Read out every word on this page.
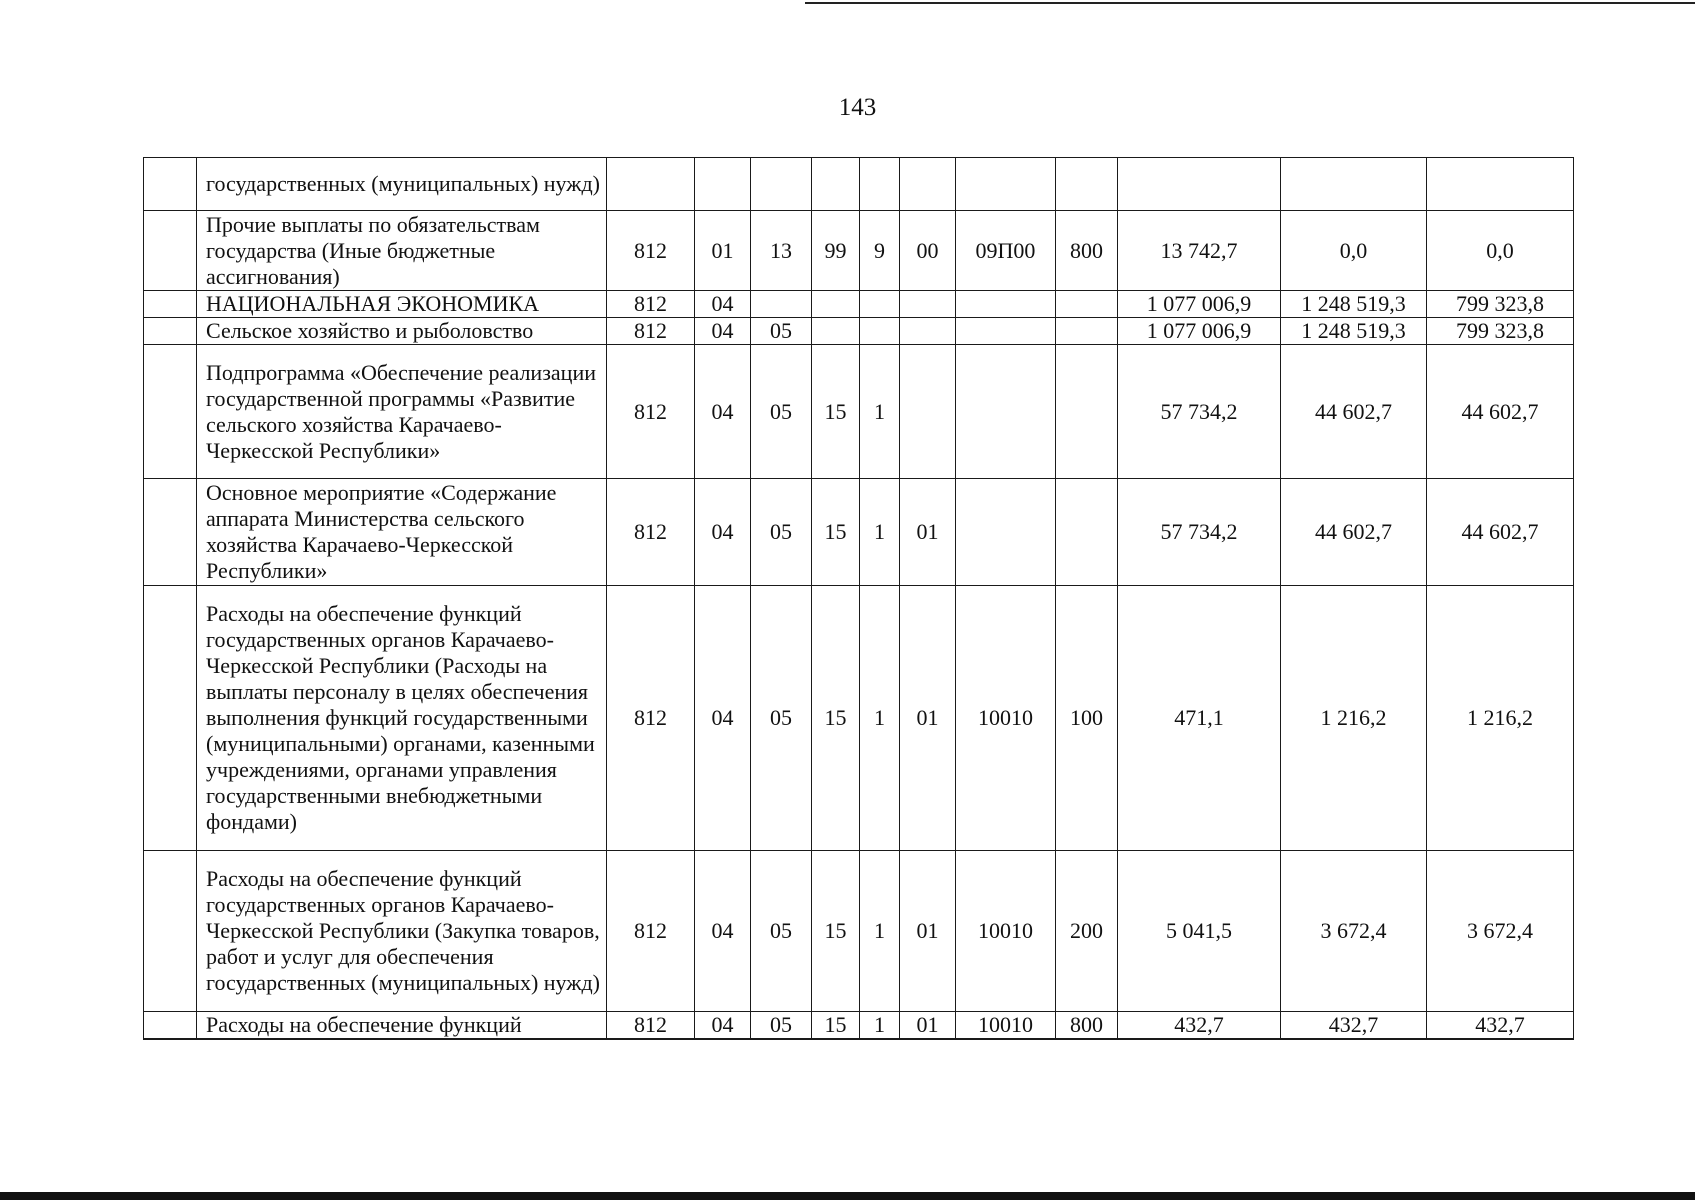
143
	государственных (муниципальных) нужд)											
	Прочие выплаты по обязательствам государства (Иные бюджетные ассигнования)	812	01	13	99	9	00	09П00	800	13 742,7	0,0	0,0
	НАЦИОНАЛЬНАЯ ЭКОНОМИКА	812	04							1 077 006,9	1 248 519,3	799 323,8
	Сельское хозяйство и рыболовство	812	04	05						1 077 006,9	1 248 519,3	799 323,8
	Подпрограмма «Обеспечение реализации государственной программы «Развитие сельского хозяйства Карачаево-Черкесской Республики»	812	04	05	15	1				57 734,2	44 602,7	44 602,7
	Основное мероприятие «Содержание аппарата Министерства сельского хозяйства Карачаево-Черкесской Республики»	812	04	05	15	1	01			57 734,2	44 602,7	44 602,7
	Расходы на обеспечение функций государственных органов Карачаево-Черкесской Республики (Расходы на выплаты персоналу в целях обеспечения выполнения функций государственными (муниципальными) органами, казенными учреждениями, органами управления государственными внебюджетными фондами)	812	04	05	15	1	01	10010	100	471,1	1 216,2	1 216,2
	Расходы на обеспечение функций государственных органов Карачаево-Черкесской Республики (Закупка товаров, работ и услуг для обеспечения государственных (муниципальных) нужд)	812	04	05	15	1	01	10010	200	5 041,5	3 672,4	3 672,4
	Расходы на обеспечение функций	812	04	05	15	1	01	10010	800	432,7	432,7	432,7
